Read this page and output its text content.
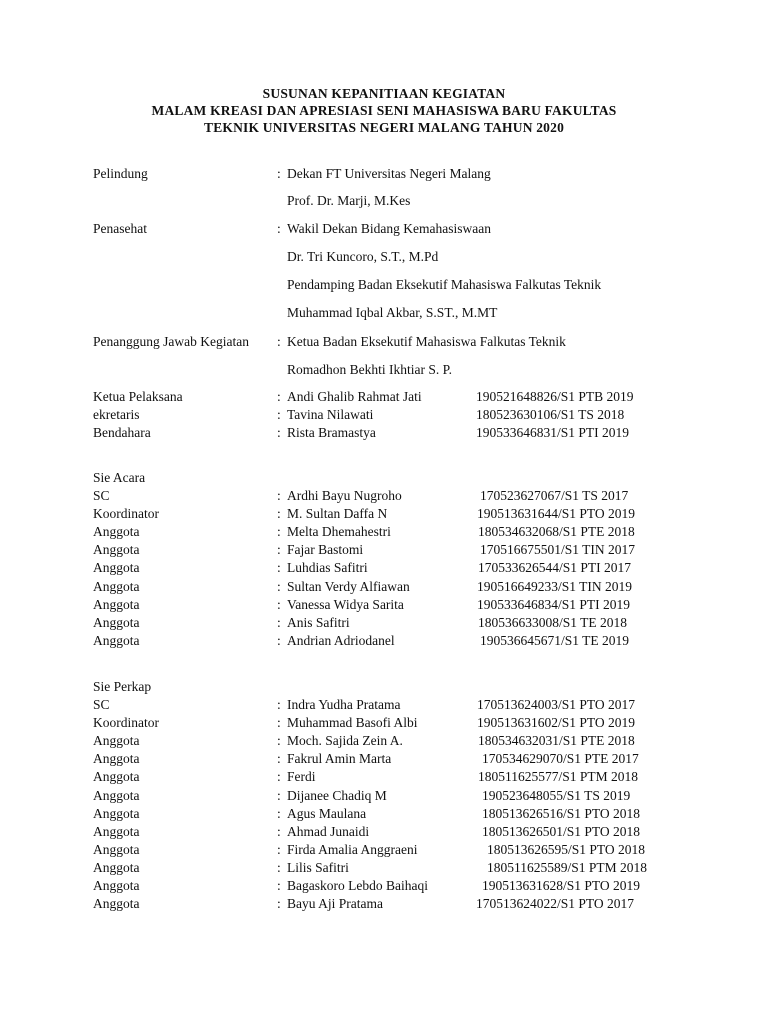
SUSUNAN KEPANITIAAN KEGIATAN
MALAM KREASI DAN APRESIASI SENI MAHASISWA BARU FAKULTAS
TEKNIK UNIVERSITAS NEGERI MALANG TAHUN 2020
Pelindung	: Dekan FT Universitas Negeri Malang
Prof. Dr. Marji, M.Kes
Penasehat	: Wakil Dekan Bidang Kemahasiswaan
Dr. Tri Kuncoro, S.T., M.Pd
Pendamping Badan Eksekutif Mahasiswa Falkutas Teknik
Muhammad Iqbal Akbar, S.ST., M.MT
Penanggung Jawab Kegiatan : Ketua Badan Eksekutif Mahasiswa Falkutas Teknik
Romadhon Bekhti Ikhtiar S. P.
Ketua Pelaksana	: Andi Ghalib Rahmat Jati	190521648826/S1 PTB 2019
ekretaris	: Tavina Nilawati	180523630106/S1 TS 2018
Bendahara	: Rista Bramastya	190533646831/S1 PTI 2019
Sie Acara
SC	: Ardhi Bayu Nugroho	170523627067/S1 TS 2017
Koordinator	: M. Sultan Daffa N	190513631644/S1 PTO 2019
Anggota	: Melta Dhemahestri	180534632068/S1 PTE 2018
Anggota	: Fajar Bastomi	170516675501/S1 TIN 2017
Anggota	: Luhdias Safitri	170533626544/S1 PTI 2017
Anggota	: Sultan Verdy Alfiawan	190516649233/S1 TIN 2019
Anggota	: Vanessa Widya Sarita	190533646834/S1 PTI 2019
Anggota	: Anis Safitri	180536633008/S1 TE 2018
Anggota	: Andrian Adriodanel	190536645671/S1 TE 2019
Sie Perkap
SC	: Indra Yudha Pratama	170513624003/S1 PTO 2017
Koordinator	: Muhammad Basofi Albi	190513631602/S1 PTO 2019
Anggota	: Moch. Sajida Zein A.	180534632031/S1 PTE 2018
Anggota	: Fakrul Amin Marta	170534629070/S1 PTE 2017
Anggota	: Ferdi	180511625577/S1 PTM 2018
Anggota	: Dijanee Chadiq M	190523648055/S1 TS 2019
Anggota	: Agus Maulana	180513626516/S1 PTO 2018
Anggota	: Ahmad Junaidi	180513626501/S1 PTO 2018
Anggota	: Firda Amalia Anggraeni	180513626595/S1 PTO 2018
Anggota	: Lilis Safitri	180511625589/S1 PTM 2018
Anggota	: Bagaskoro Lebdo Baihaqi	190513631628/S1 PTO 2019
Anggota	: Bayu Aji Pratama	170513624022/S1 PTO 2017
